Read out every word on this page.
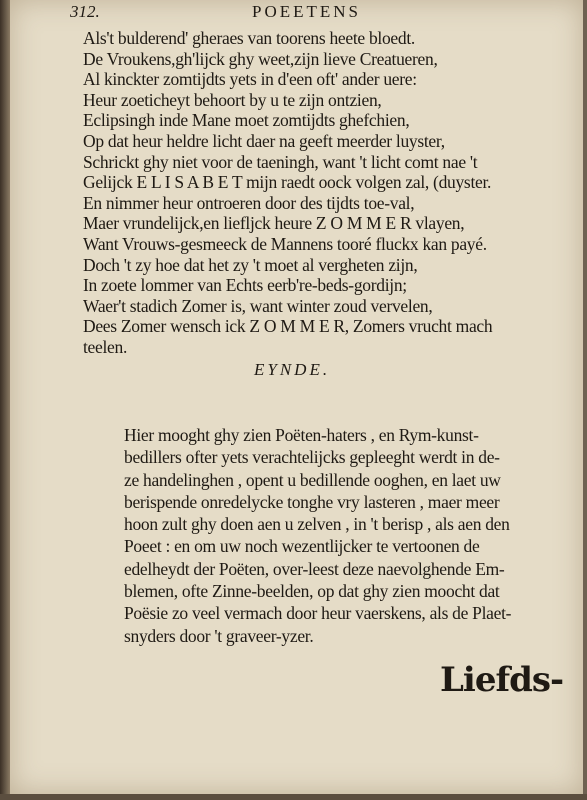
312.	POEETENS
Als't bulderend' gheraes van toorens heete bloedt.
De Vroukens,gh'lijck ghy weet,zijn lieve Creatueren,
Al kinckter zomtijdts yets in d'een oft' ander uere:
Heur zoeticheyt behoort by u te zijn ontzien,
Eclipsingh inde Mane moet zomtijdts ghefchien,
Op dat heur heldre licht daer na geeft meerder luyster,
Schrickt ghy niet voor de taeningh, want 't licht comt nae 't
Gelijck E L I S A B E T mijn raedt oock volgen zal, (duyster.
En nimmer heur ontroeren door des tijdts toe-val,
Maer vrundelijck,en liefljck heure Z O M M E R vlayen,
Want Vrouws-gesmeeck de Mannens tooré fluckx kan payé.
Doch 't zy hoe dat het zy 't moet al vergheten zijn,
In zoete lommer van Echts eerb're-beds-gordijn;
Waer't stadich Zomer is, want winter zoud vervelen,
Dees Zomer wensch ick Z O M M E R, Zomers vrucht mach
teelen.
EYNDE.
Hier mooght ghy zien Poëten-haters , en Rym-kunst-
bedillers ofter yets verachtelijcks gepleeght werdt in de-
ze handelinghen , opent u bedillende ooghen, en laet uw
berispende onredelycke tonghe vry lasteren , maer meer
hoon zult ghy doen aen u zelven , in 't berisp , als aen den
Poeet : en om uw noch wezentlijcker te vertoonen de
edelheydt der Poëten, over-leest deze naevolghende Em-
blemen, ofte Zinne-beelden, op dat ghy zien moocht dat
Poësie zo veel vermach door heur vaerskens, als de Plaet-
snyders door 't graveer-yzer.
Liefds-
